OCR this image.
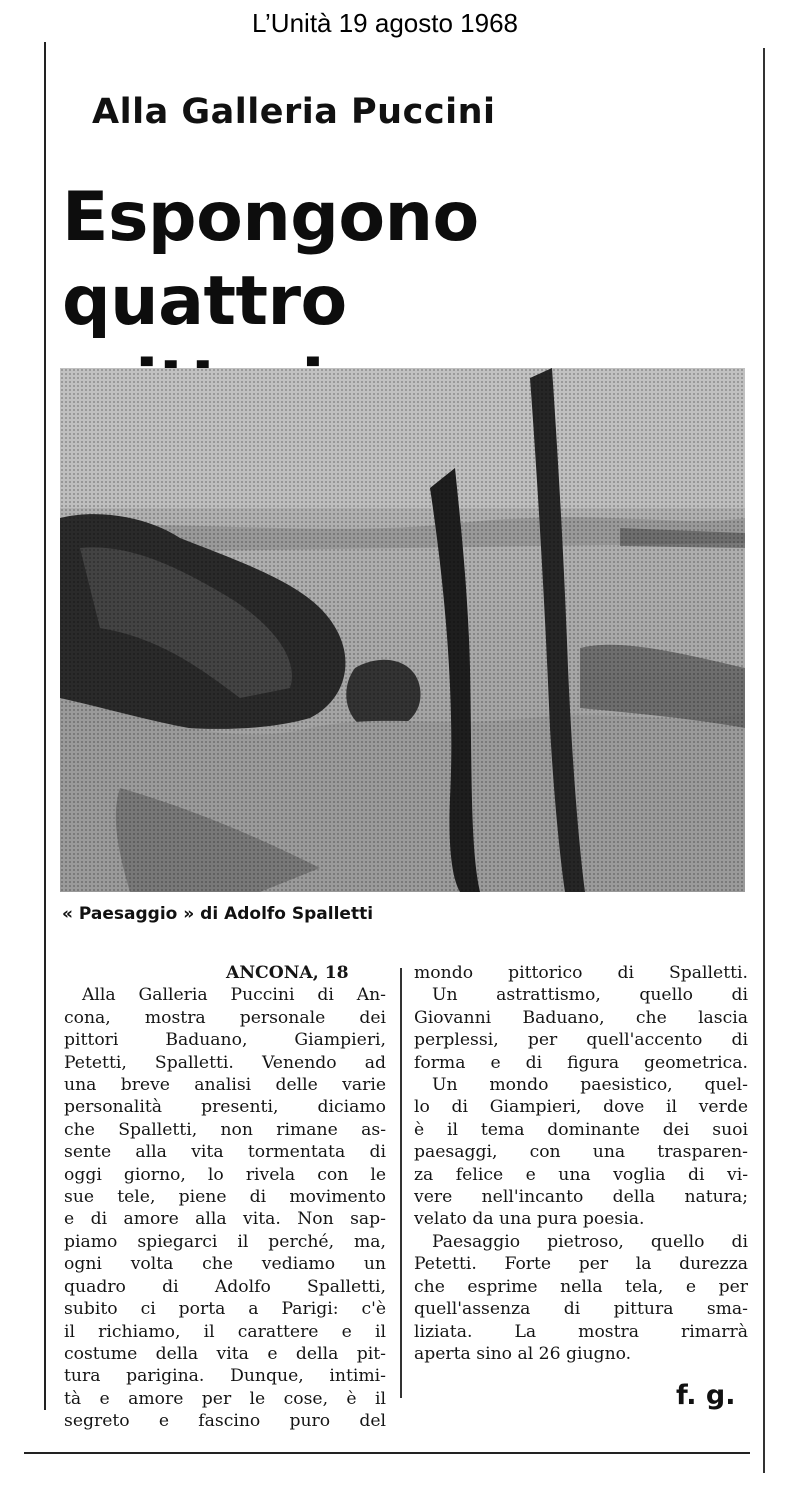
L’Unità 19 agosto 1968
Alla Galleria Puccini
Espongono quattro
« Paesaggio » di Adolfo Spalletti
ANCONA, 18
Alla Galleria Puccini di An-
cona, mostra personale dei
pittori Baduano, Giampieri,
Petetti, Spalletti. Venendo ad
una breve analisi delle varie
personalità presenti, diciamo
che Spalletti, non rimane as-
sente alla vita tormentata di
oggi giorno, lo rivela con le
sue tele, piene di movimento
e di amore alla vita. Non sap-
piamo spiegarci il perché, ma,
ogni volta che vediamo un
quadro di Adolfo Spalletti,
subito ci porta a Parigi: c'è
il richiamo, il carattere e il
costume della vita e della pit-
tura parigina. Dunque, intimi-
tà e amore per le cose, è il
segreto e fascino puro del
mondo pittorico di Spalletti.
Un astrattismo, quello di
Giovanni Baduano, che lascia
perplessi, per quell'accento di
forma e di figura geometrica.
Un mondo paesistico, quel-
lo di Giampieri, dove il verde
è il tema dominante dei suoi
paesaggi, con una trasparen-
za felice e una voglia di vi-
vere nell'incanto della natura;
velato da una pura poesia.
Paesaggio pietroso, quello di
Petetti. Forte per la durezza
che esprime nella tela, e per
quell'assenza di pittura sma-
liziata. La mostra rimarrà
aperta sino al 26 giugno.
f. g.
